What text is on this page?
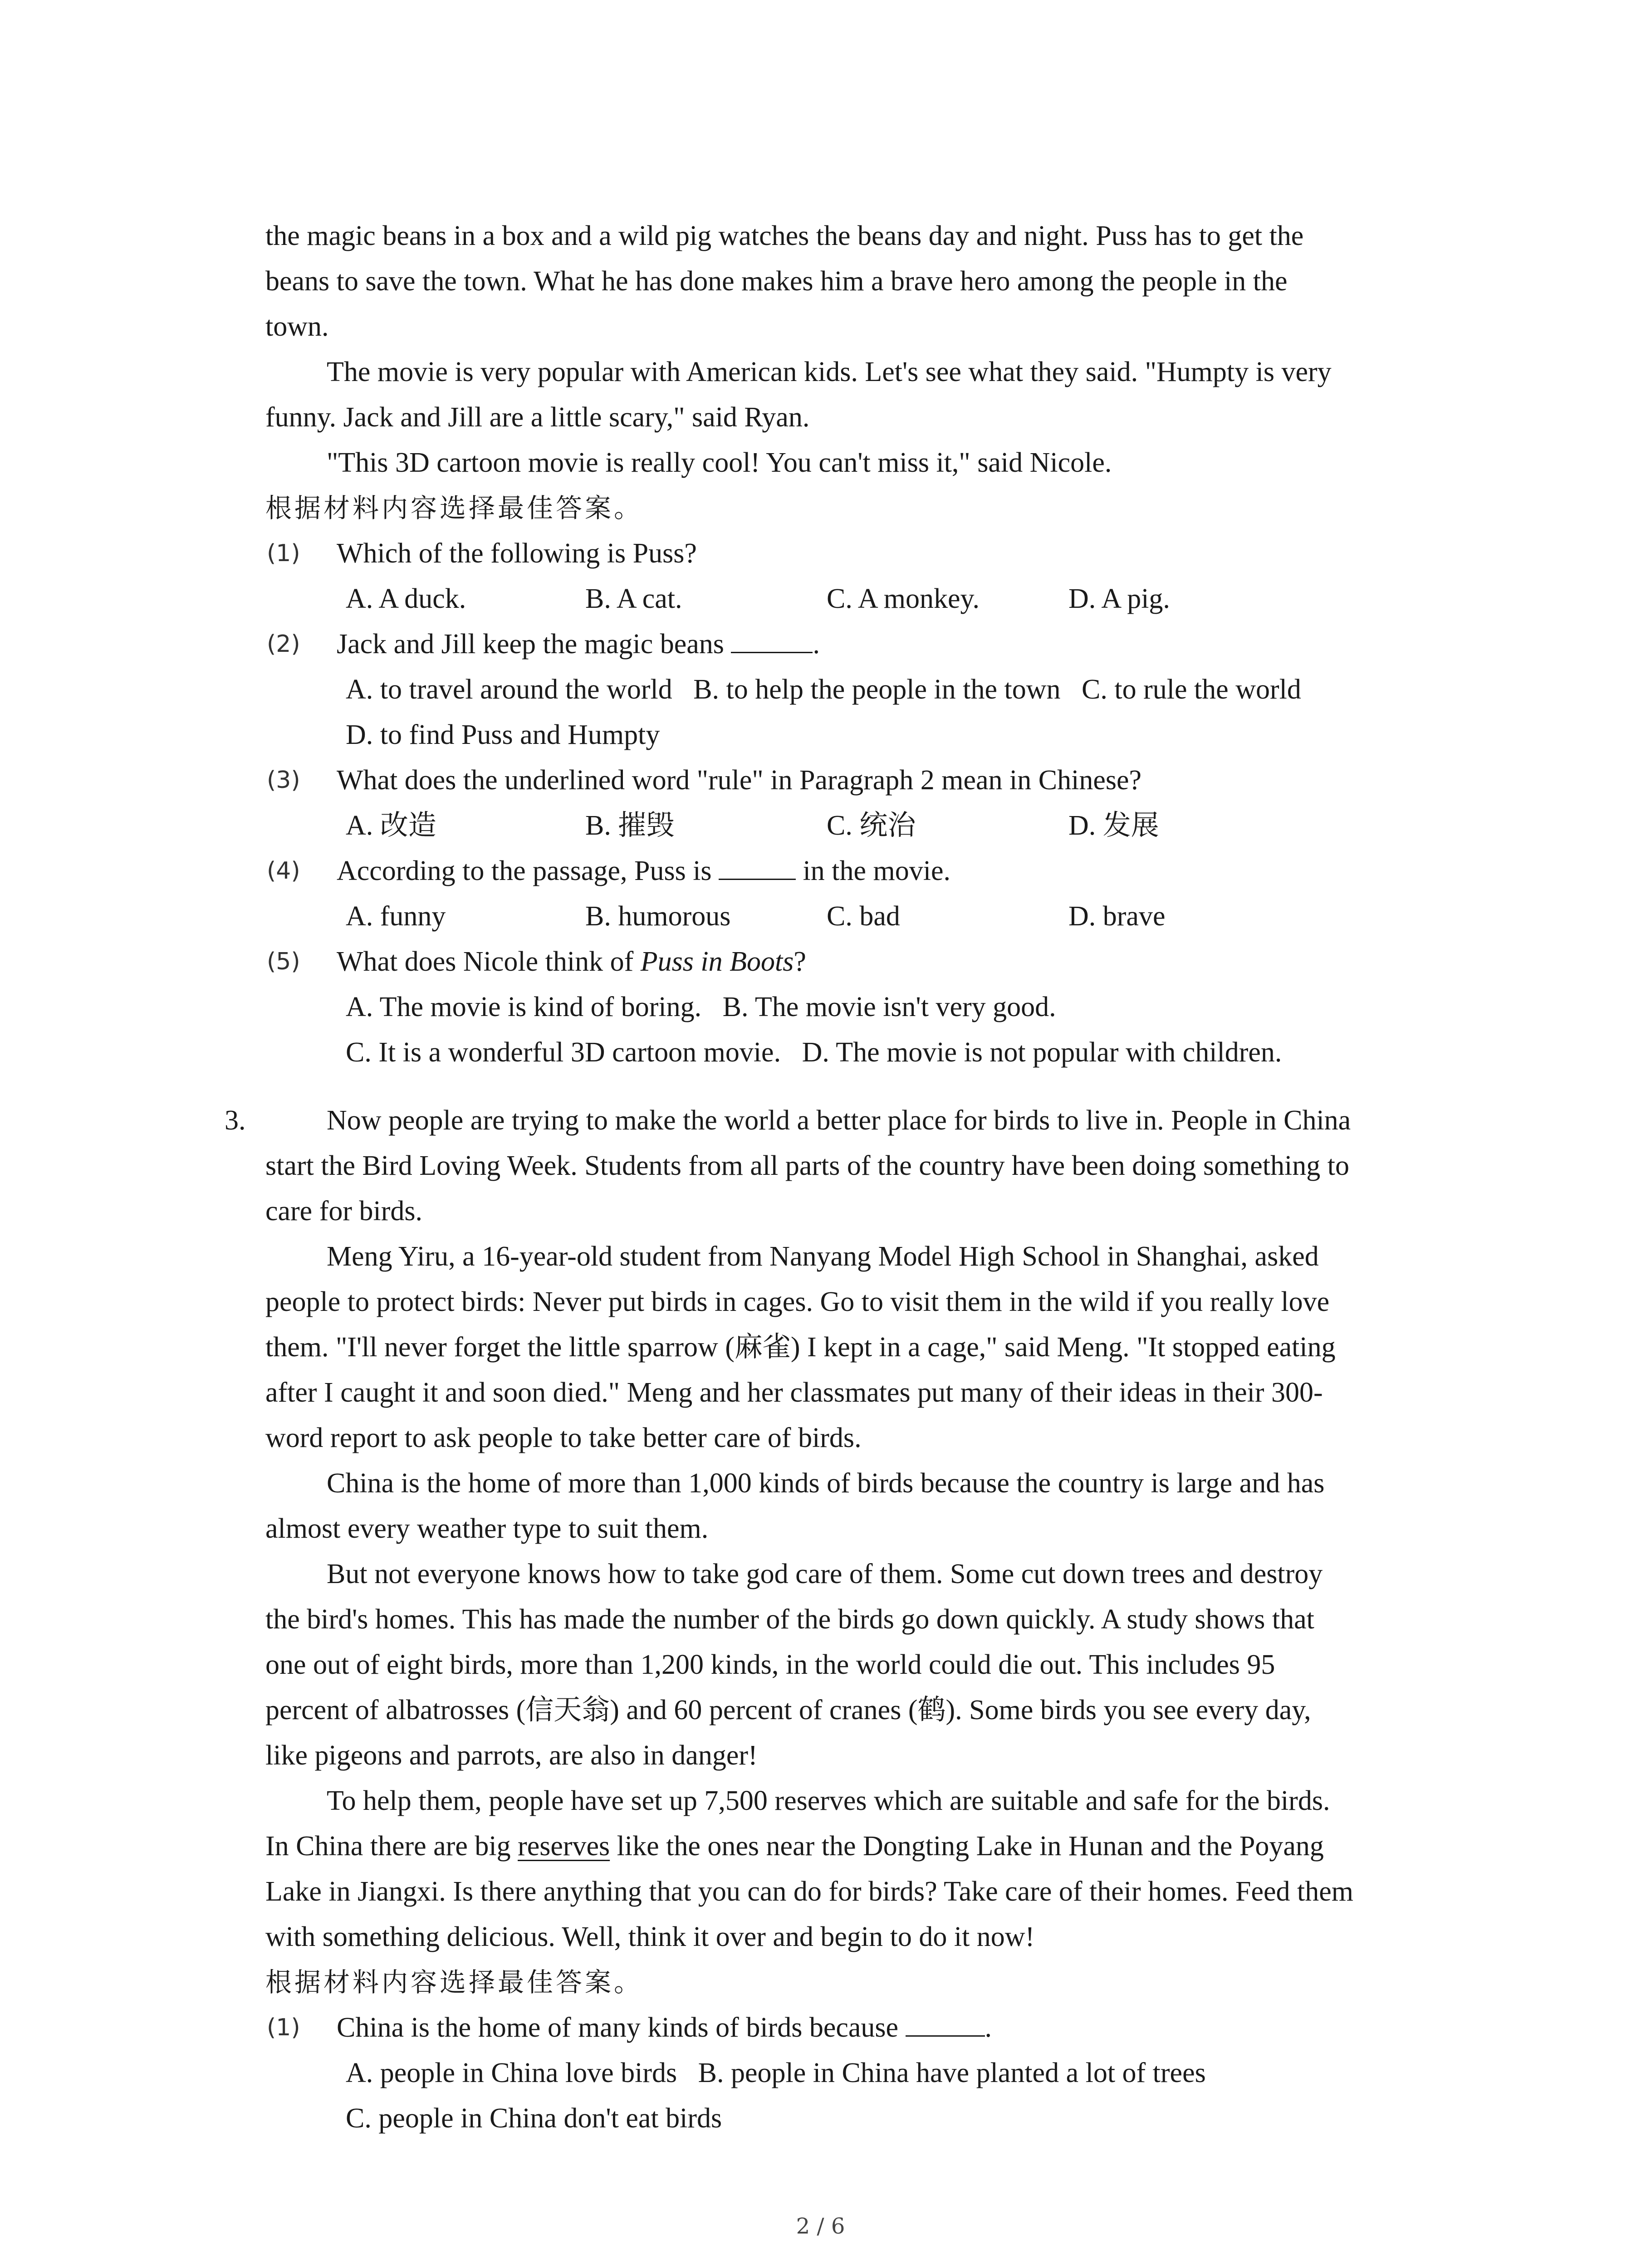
the magic beans in a box and a wild pig watches the beans day and night. Puss has to get the
beans to save the town. What he has done makes him a brave hero among the people in the
town.
The movie is very popular with American kids. Let's see what they said. "Humpty is very
funny. Jack and Jill are a little scary," said Ryan.
"This 3D cartoon movie is really cool! You can't miss it," said Nicole.
根据材料内容选择最佳答案。
(1) Which of the following is Puss?
A. A duck.	B. A cat.	C. A monkey.	D. A pig.
(2) Jack and Jill keep the magic beans	.
A. to travel around the world   B. to help the people in the town   C. to rule the world
D. to find Puss and Humpty
(3) What does the underlined word "rule" in Paragraph 2 mean in Chinese?
A. 改造	B. 摧毁	C. 统治	D. 发展
(4) According to the passage, Puss is	in the movie.
A. funny	B. humorous	C. bad	D. brave
(5) What does Nicole think of Puss in Boots?
A. The movie is kind of boring.   B. The movie isn't very good.
C. It is a wonderful 3D cartoon movie.   D. The movie is not popular with children.
3.	Now people are trying to make the world a better place for birds to live in. People in China
start the Bird Loving Week. Students from all parts of the country have been doing something to
care for birds.
Meng Yiru, a 16-year-old student from Nanyang Model High School in Shanghai, asked
people to protect birds: Never put birds in cages. Go to visit them in the wild if you really love
them. "I'll never forget the little sparrow (麻雀) I kept in a cage," said Meng. "It stopped eating
after I caught it and soon died." Meng and her classmates put many of their ideas in their 300-
word report to ask people to take better care of birds.
China is the home of more than 1,000 kinds of birds because the country is large and has
almost every weather type to suit them.
But not everyone knows how to take god care of them. Some cut down trees and destroy
the bird's homes. This has made the number of the birds go down quickly. A study shows that
one out of eight birds, more than 1,200 kinds, in the world could die out. This includes 95
percent of albatrosses (信天翁) and 60 percent of cranes (鹤). Some birds you see every day,
like pigeons and parrots, are also in danger!
To help them, people have set up 7,500 reserves which are suitable and safe for the birds.
In China there are big reserves like the ones near the Dongting Lake in Hunan and the Poyang
Lake in Jiangxi. Is there anything that you can do for birds? Take care of their homes. Feed them
with something delicious. Well, think it over and begin to do it now!
根据材料内容选择最佳答案。
(1) China is the home of many kinds of birds because	.
A. people in China love birds   B. people in China have planted a lot of trees
C. people in China don't eat birds
2 / 6
